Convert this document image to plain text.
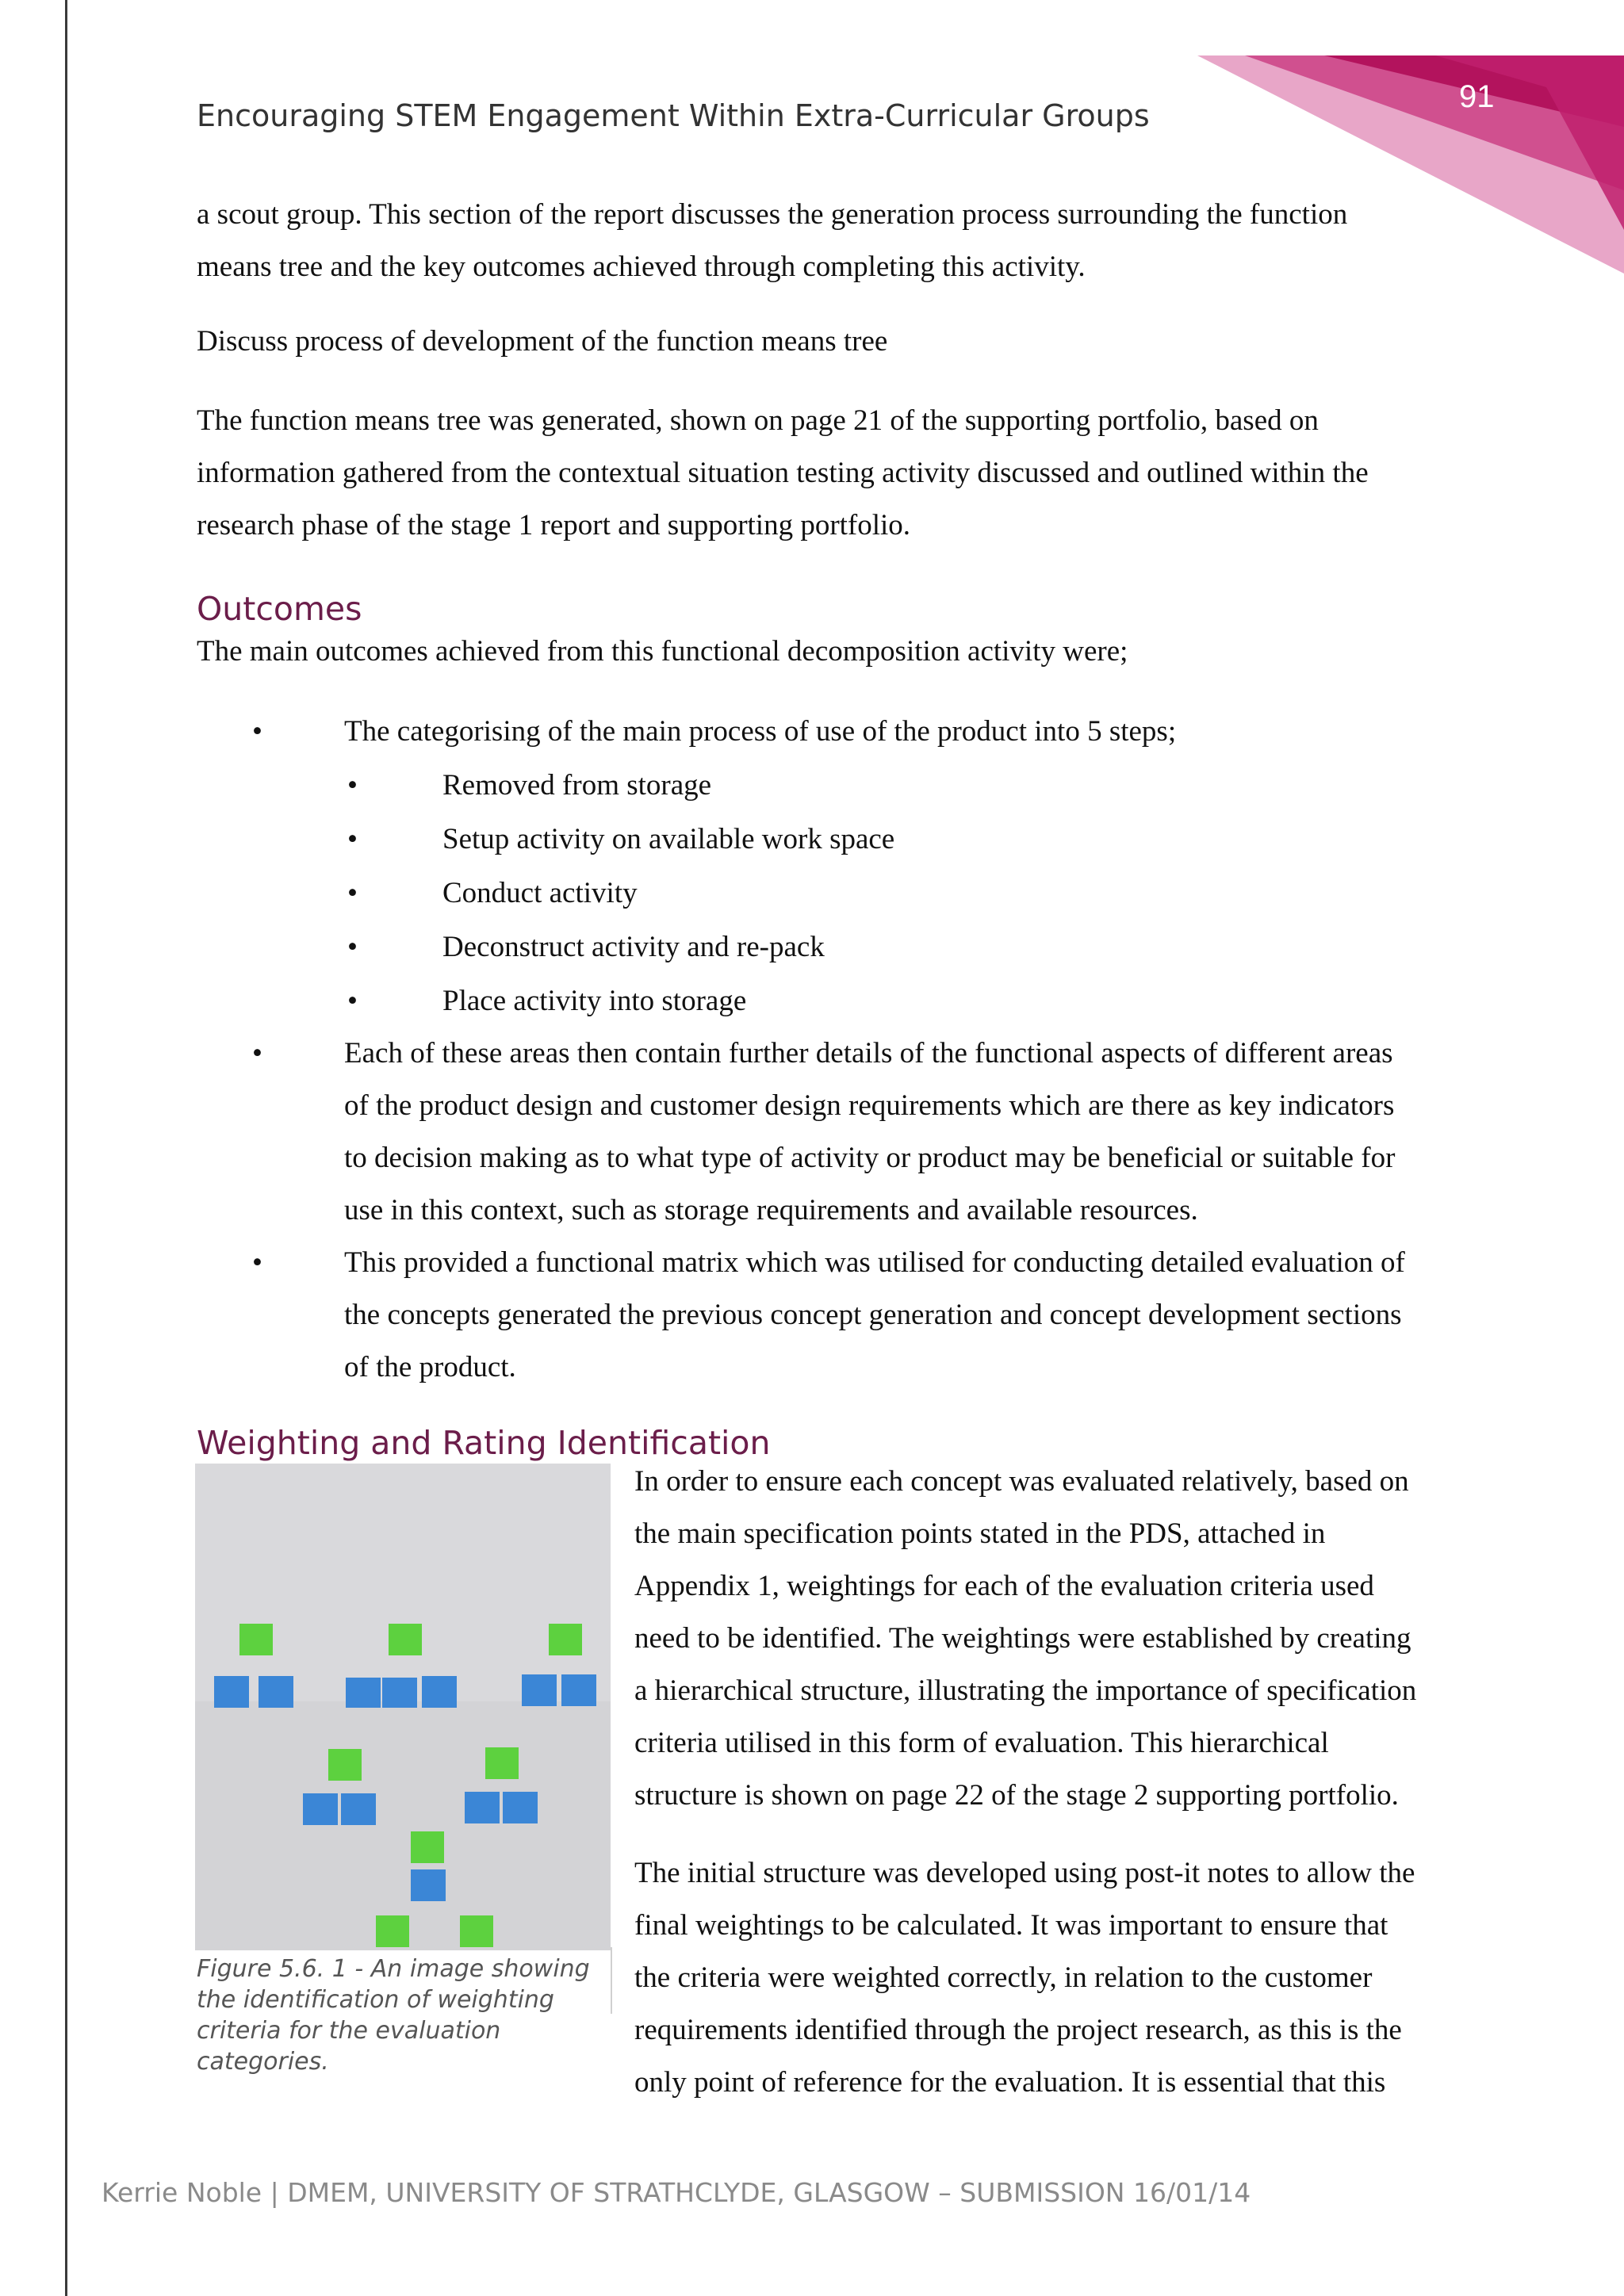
91
Encouraging STEM Engagement Within Extra-Curricular Groups
a scout group. This section of the report discusses the generation process surrounding the function
means tree and the key outcomes achieved through completing this activity.
Discuss process of development of the function means tree
The function means tree was generated, shown on page 21 of the supporting portfolio, based on
information gathered from the contextual situation testing activity discussed and outlined within the
research phase of the stage 1 report and supporting portfolio.
Outcomes
The main outcomes achieved from this functional decomposition activity were;
•	The categorising of the main process of use of the product into 5 steps;
•	Removed from storage
•	Setup activity on available work space
•	Conduct activity
•	Deconstruct activity and re-pack
•	Place activity into storage
•	Each of these areas then contain further details of the functional aspects of different areas
of the product design and customer design requirements which are there as key indicators
to decision making as to what type of activity or product may be beneficial or suitable for
use in this context, such as storage requirements and available resources.
•	This provided a functional matrix which was utilised for conducting detailed evaluation of
the concepts generated the previous concept generation and concept development sections
of the product.
Weighting and Rating Identification
Figure 5.6. 1 - An image showing the identification of weighting criteria for the evaluation categories.
In order to ensure each concept was evaluated relatively, based on
the main specification points stated in the PDS, attached in
Appendix 1, weightings for each of the evaluation criteria used
need to be identified. The weightings were established by creating
a hierarchical structure, illustrating the importance of specification
criteria utilised in this form of evaluation. This hierarchical
structure is shown on page 22 of the stage 2 supporting portfolio.
The initial structure was developed using post-it notes to allow the
final weightings to be calculated. It was important to ensure that
the criteria were weighted correctly, in relation to the customer
requirements identified through the project research, as this is the
only point of reference for the evaluation. It is essential that this
Kerrie Noble | DMEM, UNIVERSITY OF STRATHCLYDE, GLASGOW – SUBMISSION 16/01/14
